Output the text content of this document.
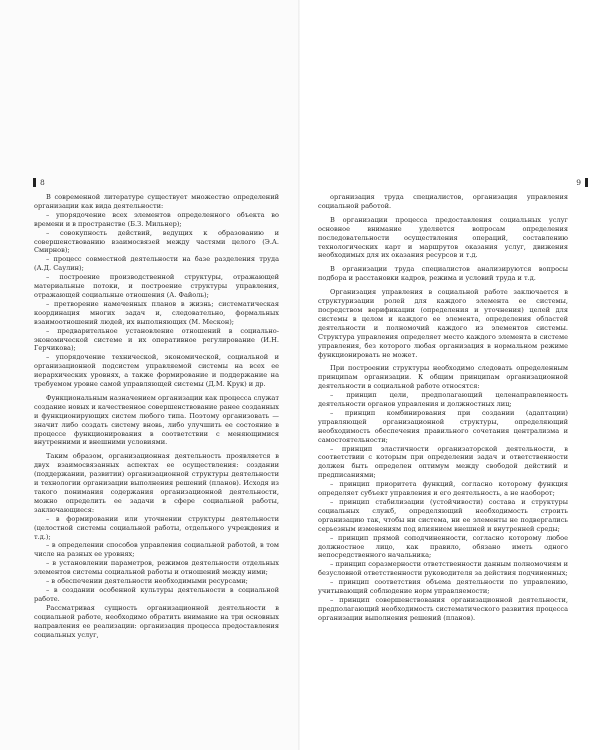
8

В современной литературе существует множество определений организации как вида деятельности:

– упорядочение всех элементов определенного объекта во времени и в пространстве (Б.З. Мильнер);

– совокупность действий, ведущих к образованию и совершенствованию взаимосвязей между частями целого (Э.А. Смирнов);

– процесс совместной деятельности на базе разделения труда (А.Д. Саулин);

– построение производственной структуры, отражающей материальные потоки, и построение структуры управления, отражающей социальные отношения (А. Файоль);

– претворение намеченных планов в жизнь; систематическая координация многих задач и, следовательно, формальных взаимоотношений людей, их выполняющих (М. Мескон);

– предварительное установление отношений в социально-экономической системе и их оперативное регулирование (И.Н. Герчикова);

– упорядочение технической, экономической, социальной и организационной подсистем управляемой системы на всех ее иерархических уровнях, а также формирование и поддержание на требуемом уровне самой управляющей системы (Д.М. Крук) и др.

Функциональным назначением организации как процесса служат создание новых и качественное совершенствование ранее созданных и функционирующих систем любого типа. Поэтому организовать — значит либо создать систему вновь, либо улучшить ее состояние в процессе функционирования в соответствии с меняющимися внутренними и внешними условиями.

Таким образом, организационная деятельность проявляется в двух взаимосвязанных аспектах ее осуществления: создании (поддержании, развитии) организационной структуры деятельности и технологии организации выполнения решений (планов). Исходя из такого понимания содержания организационной деятельности, можно определить ее задачи в сфере социальной работы, заключающиеся:

– в формировании или уточнении структуры деятельности (целостной системы социальной работы, отдельного учреждения и т.д.);

– в определении способов управления социальной работой, в том числе на разных ее уровнях;

– в установлении параметров, режимов деятельности отдельных элементов системы социальной работы и отношений между ними;

– в обеспечении деятельности необходимыми ресурсами;

– в создании особенной культуры деятельности в социальной работе.

Рассматривая сущность организационной деятельности в социальной работе, необходимо обратить внимание на три основных направления ее реализации: организация процесса предоставления социальных услуг,

9

организация труда специалистов, организация управления социальной работой.

В организации процесса предоставления социальных услуг основное внимание уделяется вопросам определения последовательности осуществления операций, составлению технологических карт и маршрутов оказания услуг, движения необходимых для их оказания ресурсов и т.д.

В организации труда специалистов анализируются вопросы подбора и расстановки кадров, режима и условий труда и т.д.

Организация управления в социальной работе заключается в структуризации ролей для каждого элемента ее системы, посредством верификации (определения и уточнения) целей для системы в целом и каждого ее элемента, определения областей деятельности и полномочий каждого из элементов системы. Структура управления определяет место каждого элемента в системе управления, без которого любая организация в нормальном режиме функционировать не может.

При построении структуры необходимо следовать определенным принципам организации. К общим принципам организационной деятельности в социальной работе относятся:

– принцип цели, предполагающий целенаправленность деятельности органов управления и должностных лиц;

– принцип комбинирования при создании (адаптации) управляющей организационной структуры, определяющий необходимость обеспечения правильного сочетания централизма и самостоятельности;

– принцип эластичности организаторской деятельности, в соответствии с которым при определении задач и ответственности должен быть определен оптимум между свободой действий и предписаниями;

– принцип приоритета функций, согласно которому функция определяет субъект управления и его деятельность, а не наоборот;

– принцип стабилизации (устойчивости) состава и структуры социальных служб, определяющий необходимость строить организацию так, чтобы ни система, ни ее элементы не подвергались серьезным изменениям под влиянием внешней и внутренней среды;

– принцип прямой соподчиненности, согласно которому любое должностное лицо, как правило, обязано иметь одного непосредственного начальника;

– принцип соразмерности ответственности данным полномочиям и безусловной ответственности руководителя за действия подчиненных;

– принцип соответствия объема деятельности по управлению, учитывающий соблюдение норм управляемости;

– принцип совершенствования организационной деятельности, предполагающий необходимость систематического развития процесса организации выполнения решений (планов).
